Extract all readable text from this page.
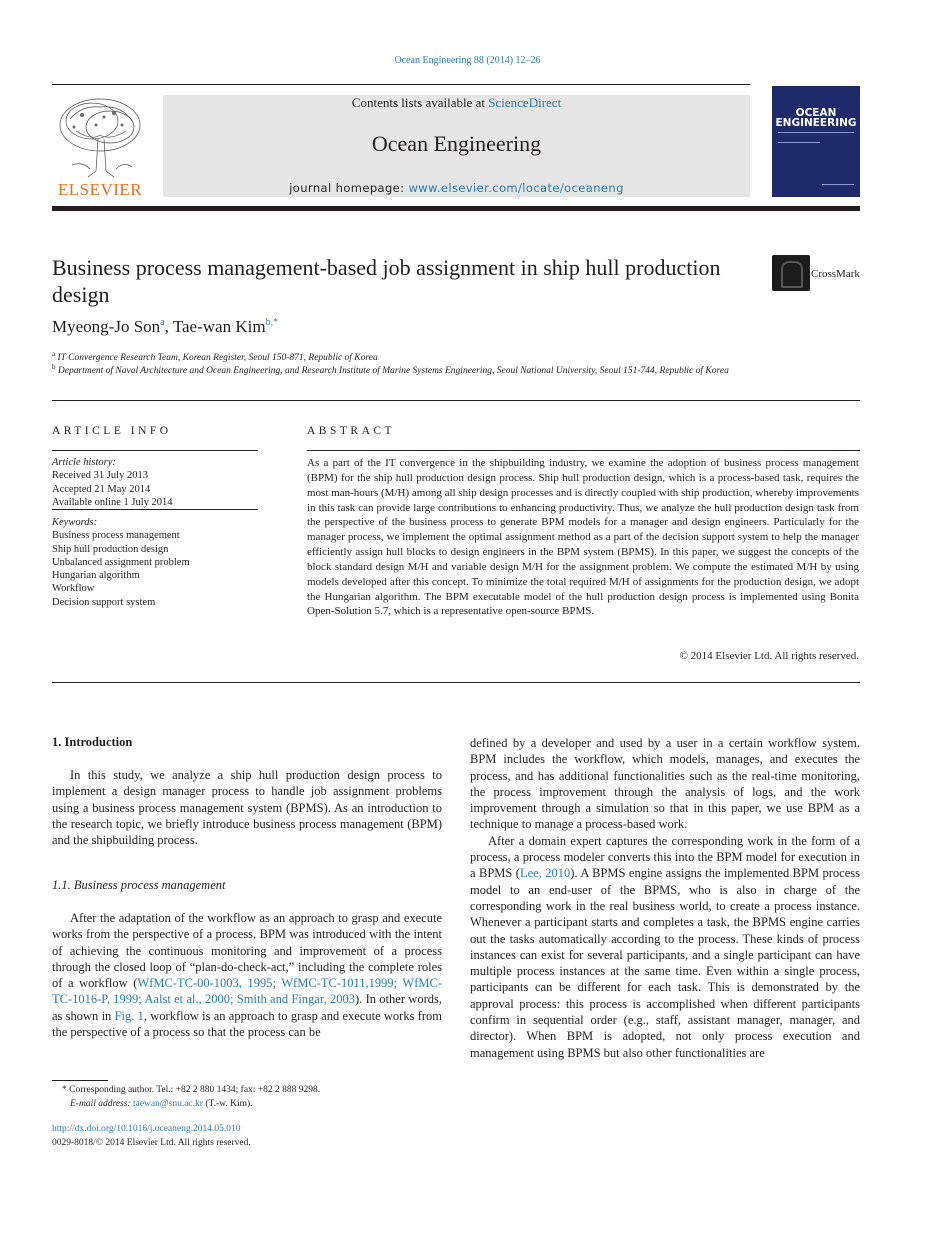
Ocean Engineering 88 (2014) 12–26
ELSEVIER
Contents lists available at ScienceDirect
Ocean Engineering
journal homepage: www.elsevier.com/locate/oceaneng
OCEAN ENGINEERING
Business process management-based job assignment in ship hull production design
CrossMark
Myeong-Jo Son$^a$, Tae-wan Kim$^{b,*}$
$^a$ IT Convergence Research Team, Korean Register, Seoul 150-871, Republic of Korea
$^b$ Department of Naval Architecture and Ocean Engineering, and Research Institute of Marine Systems Engineering, Seoul National University, Seoul 151-744, Republic of Korea
ARTICLE INFO
Article history:
Received 31 July 2013
Accepted 21 May 2014
Available online 1 July 2014
Keywords:
Business process management
Ship hull production design
Unbalanced assignment problem
Hungarian algorithm
Workflow
Decision support system
ABSTRACT
As a part of the IT convergence in the shipbuilding industry, we examine the adoption of business process management (BPM) for the ship hull production design process. Ship hull production design, which is a process-based task, requires the most man-hours (M/H) among all ship design processes and is directly coupled with ship production, whereby improvements in this task can provide large contributions to enhancing productivity. Thus, we analyze the hull production design task from the perspective of the business process to generate BPM models for a manager and design engineers. Particularly for the manager process, we implement the optimal assignment method as a part of the decision support system to help the manager efficiently assign hull blocks to design engineers in the BPM system (BPMS). In this paper, we suggest the concepts of the block standard design M/H and variable design M/H for the assignment problem. We compute the estimated M/H by using models developed after this concept. To minimize the total required M/H of assignments for the production design, we adopt the Hungarian algorithm. The BPM executable model of the hull production design process is implemented using Bonita Open-Solution 5.7, which is a representative open-source BPMS.
© 2014 Elsevier Ltd. All rights reserved.
1. Introduction

In this study, we analyze a ship hull production design process to implement a design manager process to handle job assignment problems using a business process management system (BPMS). As an introduction to the research topic, we briefly introduce business process management (BPM) and the shipbuilding process.

1.1. Business process management

After the adaptation of the workflow as an approach to grasp and execute works from the perspective of a process, BPM was introduced with the intent of achieving the continuous monitoring and improvement of a process through the closed loop of “plan-do-check-act,” including the complete roles of a workflow (WfMC-TC-00-1003, 1995; WfMC-TC-1011,1999; WfMC-TC-1016-P, 1999; Aalst et al., 2000; Smith and Fingar, 2003). In other words, as shown in Fig. 1, workflow is an approach to grasp and execute works from the perspective of a process so that the process can be

defined by a developer and used by a user in a certain workflow system. BPM includes the workflow, which models, manages, and executes the process, and has additional functionalities such as the real-time monitoring, the process improvement through the analysis of logs, and the work improvement through a simulation so that in this paper, we use BPM as a technique to manage a process-based work.

After a domain expert captures the corresponding work in the form of a process, a process modeler converts this into the BPM model for execution in a BPMS (Lee, 2010). A BPMS engine assigns the implemented BPM process model to an end-user of the BPMS, who is also in charge of the corresponding work in the real business world, to create a process instance. Whenever a participant starts and completes a task, the BPMS engine carries out the tasks automatically according to the process. These kinds of process instances can exist for several participants, and a single participant can have multiple process instances at the same time. Even within a single process, participants can be different for each task. This is demonstrated by the approval process: this process is accomplished when different participants confirm in sequential order (e.g., staff, assistant manager, manager, and director). When BPM is adopted, not only process execution and management using BPMS but also other functionalities are

* Corresponding author. Tel.: +82 2 880 1434; fax: +82 2 888 9298.
E-mail address: taewan@snu.ac.kr (T.-w. Kim).
http://dx.doi.org/10.1016/j.oceaneng.2014.05.010
0029-8018/© 2014 Elsevier Ltd. All rights reserved.
